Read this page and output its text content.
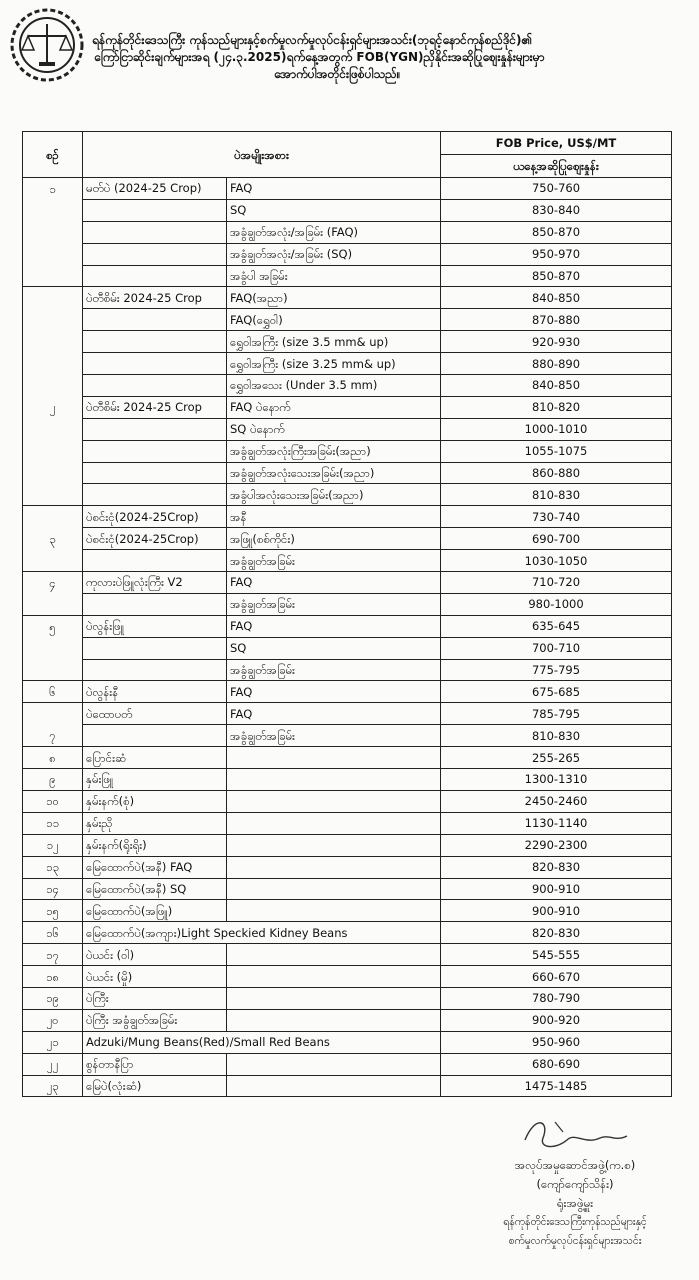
ရန်ကုန်တိုင်းဒေသကြီး ကုန်သည်များနှင့်စက်မှုလက်မှုလုပ်ငန်းရှင်များအသင်း(ဘုရင့်နောင်ကုန်စည်ဒိုင်)၏
ကြော်ငြာဆိုင်းချက်များအရ (၂၄.၃.2025)ရက်နေ့အတွက် FOB(YGN)ညှိနိုင်းအဆိုပြုဈေးနှုန်းများမှာ
အောက်ပါအတိုင်းဖြစ်ပါသည်။
စဉ်	ပဲအမျိုးအစား		FOB Price, US$/MT
			ယနေ့အဆိုပြုဈေးနှုန်း
၁	မတ်ပဲ (2024-25 Crop)	FAQ	750-760
		SQ	830-840
		အခွံချွတ်အလုံး/အခြမ်း (FAQ)	850-870
		အခွံချွတ်အလုံး/အခြမ်း (SQ)	950-970
		အခွံပါ အခြမ်း	850-870
	ပဲတီစိမ်း 2024-25 Crop	FAQ(အညာ)	840-850
		FAQ(ရွှေဝါ)	870-880
		ရွှေဝါအကြီး (size 3.5 mm& up)	920-930
		ရွှေဝါအကြီး (size 3.25 mm& up)	880-890
		ရွှေဝါအသေး (Under 3.5 mm)	840-850
၂	ပဲတီစိမ်း 2024-25 Crop	FAQ ပဲနောက်	810-820
		SQ ပဲနောက်	1000-1010
		အခွံချွတ်အလုံးကြီးအခြမ်း(အညာ)	1055-1075
		အခွံချွတ်အလုံးသေးအခြမ်း(အညာ)	860-880
		အခွံပါအလုံးသေးအခြမ်း(အညာ)	810-830
	ပဲစင်းငုံ(2024-25Crop)	အနီ	730-740
၃	ပဲစင်းငုံ(2024-25Crop)	အဖြူ(စစ်ကိုင်း)	690-700
		အခွံချွတ်အခြမ်း	1030-1050
၄	ကုလားပဲဖြူလုံးကြီး V2	FAQ	710-720
		အခွံချွတ်အခြမ်း	980-1000
၅	ပဲလွန်းဖြူ	FAQ	635-645
		SQ	700-710
		အခွံချွတ်အခြမ်း	775-795
၆	ပဲလွန်းနီ	FAQ	675-685
	ပဲထောပတ်	FAQ	785-795
၇		အခွံချွတ်အခြမ်း	810-830
၈	ပြောင်းဆံ		255-265
၉	နှမ်းဖြူ		1300-1310
၁၀	နှမ်းနက်(စုံ)		2450-2460
၁၁	နှမ်းညို		1130-1140
၁၂	နှမ်းနက်(ရိုးရိုး)		2290-2300
၁၃	မြေထောက်ပဲ(အနီ) FAQ		820-830
၁၄	မြေထောက်ပဲ(အနီ) SQ		900-910
၁၅	မြေထောက်ပဲ(အဖြူ)		900-910
၁၆	မြေထောက်ပဲ(အကျား)Light Speckied Kidney Beans		820-830
၁၇	ပဲယင်း (ဝါ)		545-555
၁၈	ပဲယင်း (မှို)		660-670
၁၉	ပဲကြီး		780-790
၂၀	ပဲကြီး အခွံချွတ်အခြမ်း		900-920
၂၁	Adzuki/Mung Beans(Red)/Small Red Beans		950-960
၂၂	စွန်တာနီပြာ		680-690
၂၃	မြေပဲ(လုံးဆံ)		1475-1485
အလုပ်အမှုဆောင်အဖွဲ့(က.စ)
(ကျော်ကျော်သိန်း)
ရုံးအဖွဲ့မှူး
ရန်ကုန်တိုင်းဒေသကြီးကုန်သည်များနှင့်
စက်မှုလက်မှုလုပ်ငန်းရှင်များအသင်း
